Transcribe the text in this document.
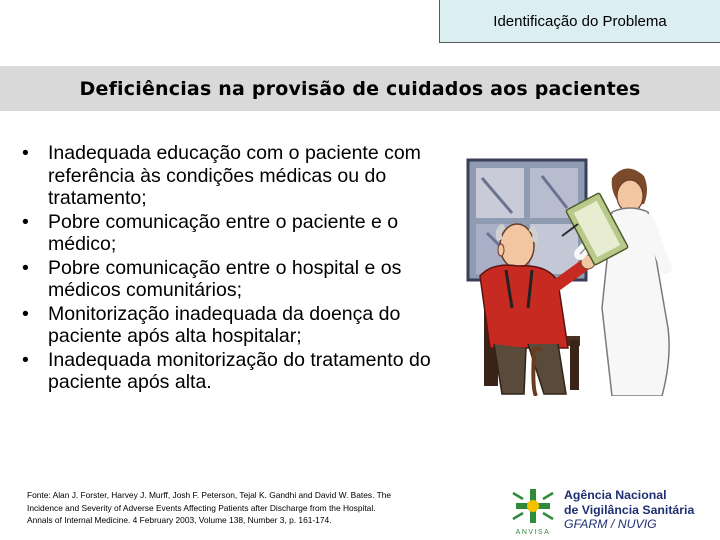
Identificação do Problema
Deficiências na provisão de cuidados aos pacientes
• Inadequada educação com o paciente com referência às condições médicas ou do tratamento;
• Pobre comunicação entre o paciente e o médico;
• Pobre comunicação entre o hospital e os médicos comunitários;
• Monitorização inadequada da doença do paciente após alta hospitalar;
• Inadequada monitorização do tratamento do paciente após alta.
Fonte: Alan J. Forster, Harvey J. Murff, Josh F. Peterson, Tejal K. Gandhi and David W. Bates. The
Incidence and Severity of Adverse Events Affecting Patients after Discharge from the Hospital.
Annals of Internal Medicine. 4 February 2003, Volume 138, Number 3, p. 161-174.
ANVISA
Agência Nacional
de Vigilância Sanitária
GFARM / NUVIG
